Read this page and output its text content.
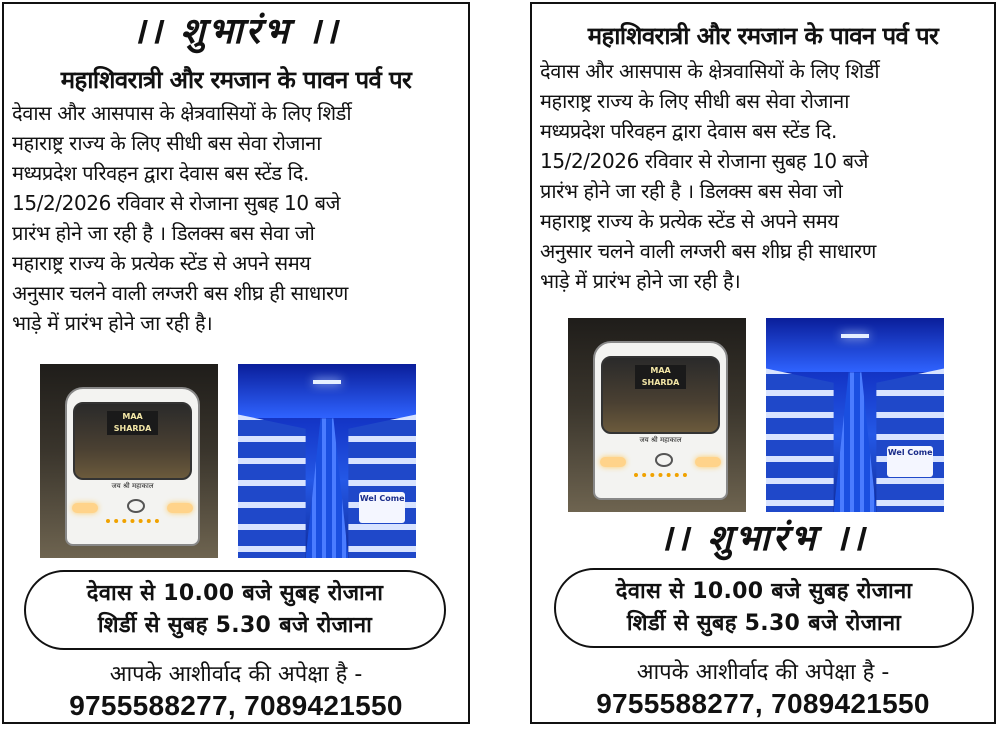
।। शुभारंभ ।।
महाशिवरात्री और रमजान के पावन पर्व पर
देवास और आसपास के क्षेत्रवासियों के लिए शिर्डी
महाराष्ट्र राज्य के लिए सीधी बस सेवा रोजाना
मध्यप्रदेश परिवहन द्वारा देवास बस स्टेंड दि.
15/2/2026 रविवार से रोजाना सुबह 10 बजे
प्रारंभ होने जा रही है । डिलक्स बस सेवा जो
महाराष्ट्र राज्य के प्रत्येक स्टेंड से अपने समय
अनुसार चलने वाली लग्जरी बस शीघ्र ही साधारण
भाड़े में प्रारंभ होने जा रही है।
MAA SHARDA
जय श्री महाकाल
Wel Come
देवास से 10.00 बजे सुबह रोजाना
शिर्डी से सुबह 5.30 बजे रोजाना
आपके आशीर्वाद की अपेक्षा है -
9755588277, 7089421550
महाशिवरात्री और रमजान के पावन पर्व पर
देवास और आसपास के क्षेत्रवासियों के लिए शिर्डी
महाराष्ट्र राज्य के लिए सीधी बस सेवा रोजाना
मध्यप्रदेश परिवहन द्वारा देवास बस स्टेंड दि.
15/2/2026 रविवार से रोजाना सुबह 10 बजे
प्रारंभ होने जा रही है । डिलक्स बस सेवा जो
महाराष्ट्र राज्य के प्रत्येक स्टेंड से अपने समय
अनुसार चलने वाली लग्जरी बस शीघ्र ही साधारण
भाड़े में प्रारंभ होने जा रही है।
MAA SHARDA
जय श्री महाकाल
Wel Come
।। शुभारंभ ।।
देवास से 10.00 बजे सुबह रोजाना
शिर्डी से सुबह 5.30 बजे रोजाना
आपके आशीर्वाद की अपेक्षा है -
9755588277, 7089421550
